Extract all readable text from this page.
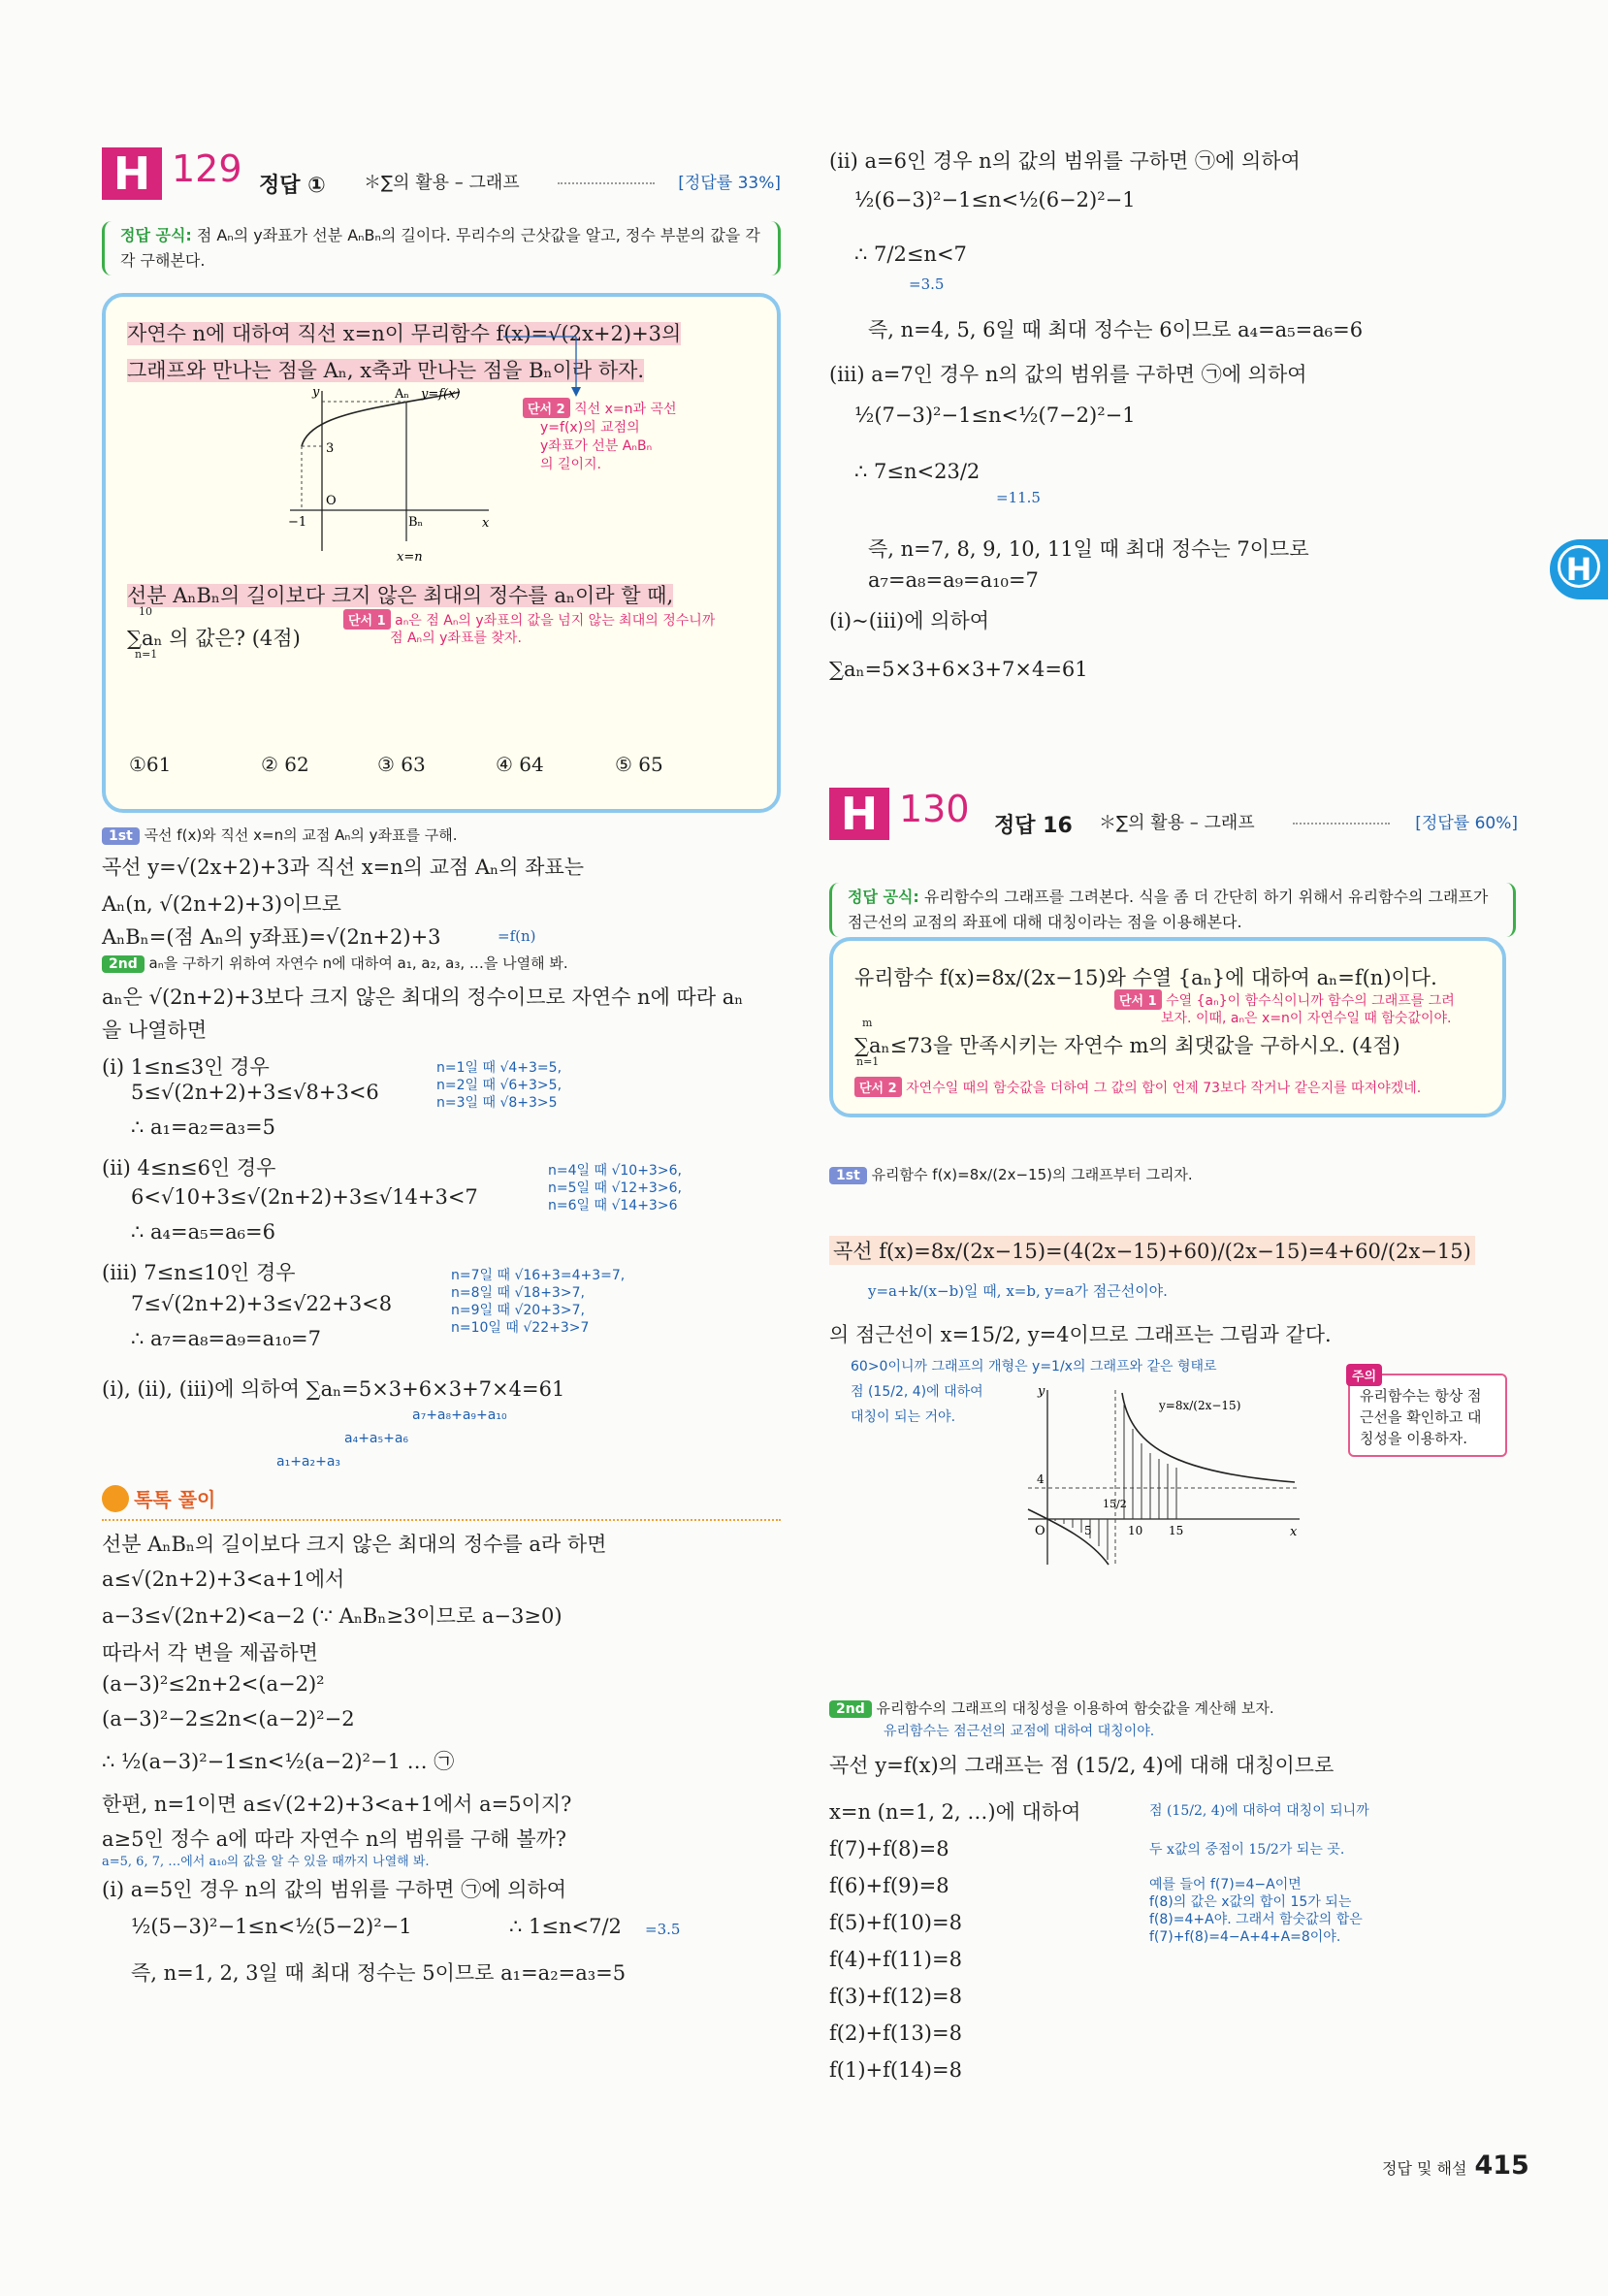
H
H 129 정답 ① ＊∑의 활용 – 그래프	[정답률 33%]
정답 공식: 점 Aₙ의 y좌표가 선분 AₙBₙ의 길이다. 무리수의 근삿값을 알고, 정수 부분의 값을 각각 구해본다.
자연수 n에 대하여 직선 x=n이 무리함수 f(x)=√(2x+2)+3의
그래프와 만나는 점을 Aₙ, x축과 만나는 점을 Bₙ이라 하자.
y
x
O
3
−1
Aₙ
Bₙ
y=f(x)
x=n
단서 2 직선 x=n과 곡선
y=f(x)의 교점의
y좌표가 선분 AₙBₙ
의 길이지.
선분 AₙBₙ의 길이보다 크지 않은 최대의 정수를 aₙ이라 할 때,
단서 1 aₙ은 점 Aₙ의 y좌표의 값을 넘지 않는 최대의 정수니까
점 Aₙ의 y좌표를 찾자.
∑aₙ 의 값은? (4점)
10
n=1
①61	② 62	③ 63	④ 64	⑤ 65
1st 곡선 f(x)와 직선 x=n의 교점 Aₙ의 y좌표를 구해.
곡선 y=√(2x+2)+3과 직선 x=n의 교점 Aₙ의 좌표는
Aₙ(n, √(2n+2)+3)이므로
AₙBₙ=(점 Aₙ의 y좌표)=√(2n+2)+3	=f(n)
2nd aₙ을 구하기 위하여 자연수 n에 대하여 a₁, a₂, a₃, …을 나열해 봐.
aₙ은 √(2n+2)+3보다 크지 않은 최대의 정수이므로 자연수 n에 따라 aₙ
을 나열하면
(ⅰ) 1≤n≤3인 경우
5≤√(2n+2)+3≤√8+3<6
∴ a₁=a₂=a₃=5
n=1일 때 √4+3=5,
n=2일 때 √6+3>5,
n=3일 때 √8+3>5
(ⅱ) 4≤n≤6인 경우
6<√10+3≤√(2n+2)+3≤√14+3<7
∴ a₄=a₅=a₆=6
n=4일 때 √10+3>6,
n=5일 때 √12+3>6,
n=6일 때 √14+3>6
(ⅲ) 7≤n≤10인 경우
7≤√(2n+2)+3≤√22+3<8
∴ a₇=a₈=a₉=a₁₀=7
n=7일 때 √16+3=4+3=7,
n=8일 때 √18+3>7,
n=9일 때 √20+3>7,
n=10일 때 √22+3>7
(ⅰ), (ⅱ), (ⅲ)에 의하여 ∑aₙ=5×3+6×3+7×4=61
a₇+a₈+a₉+a₁₀
a₄+a₅+a₆
a₁+a₂+a₃
톡톡 풀이
선분 AₙBₙ의 길이보다 크지 않은 최대의 정수를 a라 하면
a≤√(2n+2)+3<a+1에서
a−3≤√(2n+2)<a−2 (∵ AₙBₙ≥3이므로 a−3≥0)
따라서 각 변을 제곱하면
(a−3)²≤2n+2<(a−2)²
(a−3)²−2≤2n<(a−2)²−2
∴ ½(a−3)²−1≤n<½(a−2)²−1 … ㉠
한편, n=1이면 a≤√(2+2)+3<a+1에서 a=5이지?
a≥5인 정수 a에 따라 자연수 n의 범위를 구해 볼까?
a=5, 6, 7, …에서 a₁₀의 값을 알 수 있을 때까지 나열해 봐.
(ⅰ) a=5인 경우 n의 값의 범위를 구하면 ㉠에 의하여
½(5−3)²−1≤n<½(5−2)²−1	∴ 1≤n<7/2 =3.5
즉, n=1, 2, 3일 때 최대 정수는 5이므로 a₁=a₂=a₃=5
(ⅱ) a=6인 경우 n의 값의 범위를 구하면 ㉠에 의하여
½(6−3)²−1≤n<½(6−2)²−1
∴ 7/2≤n<7
=3.5
즉, n=4, 5, 6일 때 최대 정수는 6이므로 a₄=a₅=a₆=6
(ⅲ) a=7인 경우 n의 값의 범위를 구하면 ㉠에 의하여
½(7−3)²−1≤n<½(7−2)²−1
∴ 7≤n<23/2
=11.5
즉, n=7, 8, 9, 10, 11일 때 최대 정수는 7이므로
a₇=a₈=a₉=a₁₀=7
(ⅰ)~(ⅲ)에 의하여
∑aₙ=5×3+6×3+7×4=61
H 130 정답 16 ＊∑의 활용 – 그래프	[정답률 60%]
정답 공식: 유리함수의 그래프를 그려본다. 식을 좀 더 간단히 하기 위해서 유리함수의 그래프가 점근선의 교점의 좌표에 대해 대칭이라는 점을 이용해본다.
유리함수 f(x)=8x/(2x−15)와 수열 {aₙ}에 대하여 aₙ=f(n)이다.
단서 1 수열 {aₙ}이 함수식이니까 함수의 그래프를 그려
보자. 이때, aₙ은 x=n이 자연수일 때 함숫값이야.
∑aₙ≤73을 만족시키는 자연수 m의 최댓값을 구하시오. (4점)
m
n=1
단서 2 자연수일 때의 함숫값을 더하여 그 값의 합이 언제 73보다 작거나 같은지를 따져야겠네.
1st 유리함수 f(x)=8x/(2x−15)의 그래프부터 그리자.
곡선 f(x)=8x/(2x−15)=(4(2x−15)+60)/(2x−15)=4+60/(2x−15)
y=a+k/(x−b)일 때, x=b, y=a가 점근선이야.
의 점근선이 x=15/2, y=4이므로 그래프는 그림과 같다.
60>0이니까 그래프의 개형은 y=1/x의 그래프와 같은 형태로
점 (15/2, 4)에 대하여
대칭이 되는 거야.
주의
유리함수는 항상 점
근선을 확인하고 대
칭성을 이용하자.
y
x
O
4
5	10 15
15/2
y=8x/(2x−15)
2nd 유리함수의 그래프의 대칭성을 이용하여 함숫값을 계산해 보자.
유리함수는 점근선의 교점에 대하여 대칭이야.
곡선 y=f(x)의 그래프는 점 (15/2, 4)에 대해 대칭이므로
x=n (n=1, 2, …)에 대하여	점 (15/2, 4)에 대하여 대칭이 되니까
두 x값의 중점이 15/2가 되는 곳.
f(7)+f(8)=8
f(6)+f(9)=8
f(5)+f(10)=8
f(4)+f(11)=8
f(3)+f(12)=8
f(2)+f(13)=8
f(1)+f(14)=8
예를 들어 f(7)=4−A이면
f(8)의 값은 x값의 합이 15가 되는
f(8)=4+A야. 그래서 함숫값의 합은
f(7)+f(8)=4−A+4+A=8이야.
정답 및 해설 415
